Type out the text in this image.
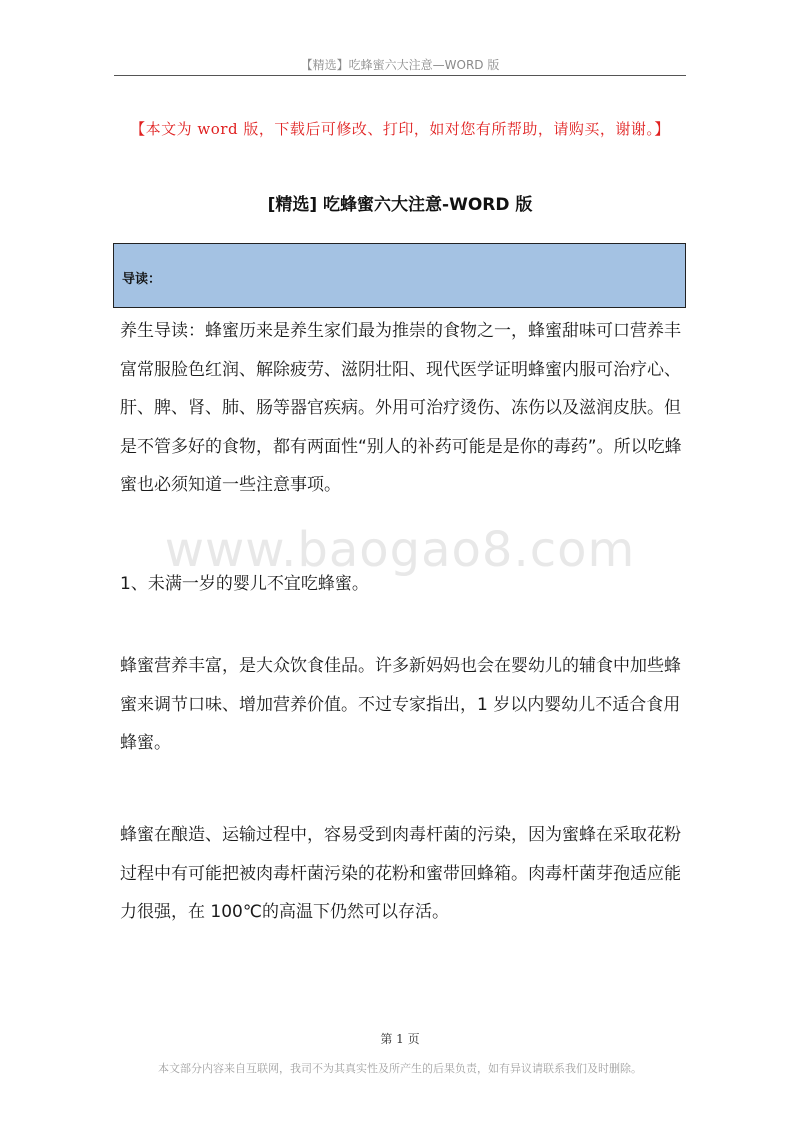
【精选】吃蜂蜜六大注意—WORD 版
【本文为 word 版，下载后可修改、打印，如对您有所帮助，请购买，谢谢。】
[精选] 吃蜂蜜六大注意-WORD 版
导读：

养生导读：蜂蜜历来是养生家们最为推崇的食物之一，蜂蜜甜味可口营养丰富常服脸色红润、解除疲劳、滋阴壮阳、现代医学证明蜂蜜内服可治疗心、肝、脾、肾、肺、肠等器官疾病。外用可治疗烫伤、冻伤以及滋润皮肤。但是不管多好的食物，都有两面性“别人的补药可能是是你的毒药”。所以吃蜂蜜也必须知道一些注意事项。

www.baogao8.com

1、未满一岁的婴儿不宜吃蜂蜜。

蜂蜜营养丰富，是大众饮食佳品。许多新妈妈也会在婴幼儿的辅食中加些蜂蜜来调节口味、增加营养价值。不过专家指出，1 岁以内婴幼儿不适合食用蜂蜜。

蜂蜜在酿造、运输过程中，容易受到肉毒杆菌的污染，因为蜜蜂在采取花粉过程中有可能把被肉毒杆菌污染的花粉和蜜带回蜂箱。肉毒杆菌芽孢适应能力很强，在 100℃的高温下仍然可以存活。

第 1 页
本文部分内容来自互联网，我司不为其真实性及所产生的后果负责，如有异议请联系我们及时删除。
